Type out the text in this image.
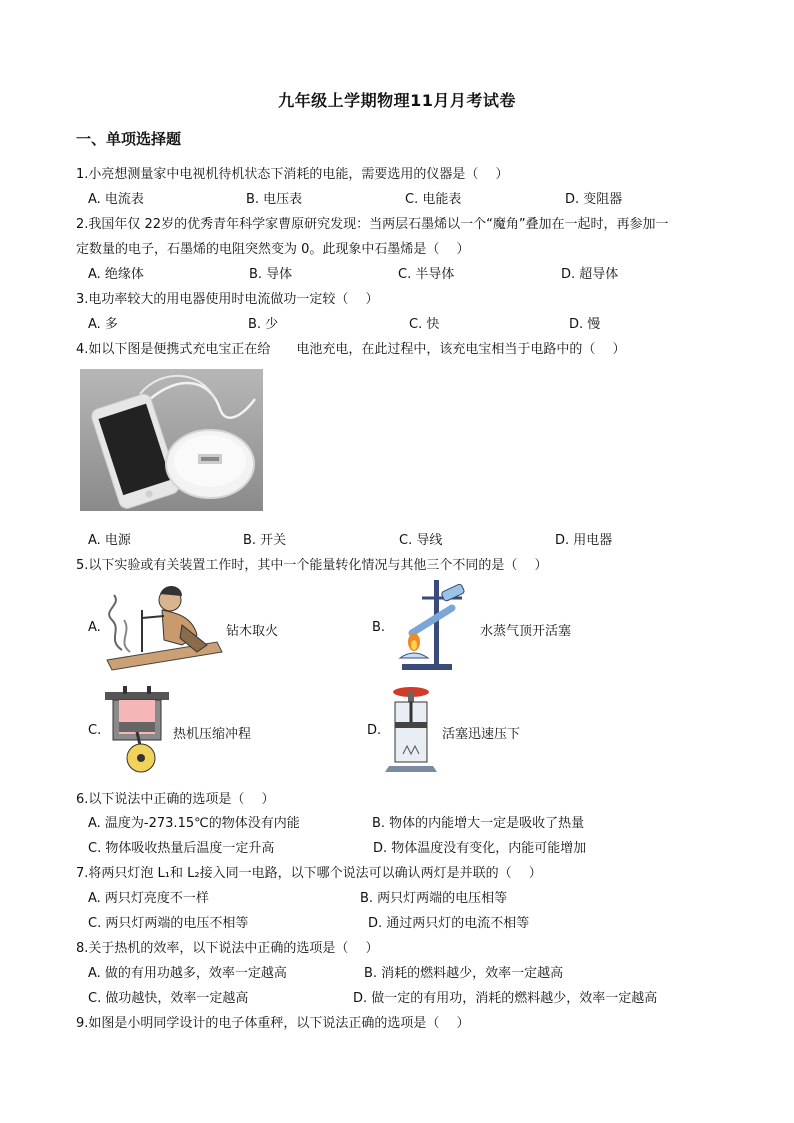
九年级上学期物理11月月考试卷
一、单项选择题
1.小亮想测量家中电视机待机状态下消耗的电能，需要选用的仪器是（　 ）
A. 电流表	B. 电压表	C. 电能表	D. 变阻器
2.我国年仅 22岁的优秀青年科学家曹原研究发现：当两层石墨烯以一个“魔角”叠加在一起时，再参加一
定数量的电子，石墨烯的电阻突然变为 0。此现象中石墨烯是（　 ）
A. 绝缘体	B. 导体	C. 半导体	D. 超导体
3.电功率较大的用电器使用时电流做功一定较（　 ）
A. 多	B. 少	C. 快	D. 慢
4.如以下图是便携式充电宝正在给　　电池充电，在此过程中，该充电宝相当于电路中的（　 ）
A. 电源	B. 开关	C. 导线	D. 用电器
5.以下实验或有关装置工作时，其中一个能量转化情况与其他三个不同的是（　 ）
A.	钻木取火	B.	水蒸气顶开活塞
C.	热机压缩冲程	D.	活塞迅速压下
6.以下说法中正确的选项是（　 ）
A. 温度为-273.15℃的物体没有内能	B. 物体的内能增大一定是吸收了热量
C. 物体吸收热量后温度一定升高	D. 物体温度没有变化，内能可能增加
7.将两只灯泡 L₁和 L₂接入同一电路，以下哪个说法可以确认两灯是并联的（　 ）
A. 两只灯亮度不一样	B. 两只灯两端的电压相等
C. 两只灯两端的电压不相等	D. 通过两只灯的电流不相等
8.关于热机的效率，以下说法中正确的选项是（　 ）
A. 做的有用功越多，效率一定越高	B. 消耗的燃料越少，效率一定越高
C. 做功越快，效率一定越高	D. 做一定的有用功，消耗的燃料越少，效率一定越高
9.如图是小明同学设计的电子体重秤，以下说法正确的选项是（　 ）
